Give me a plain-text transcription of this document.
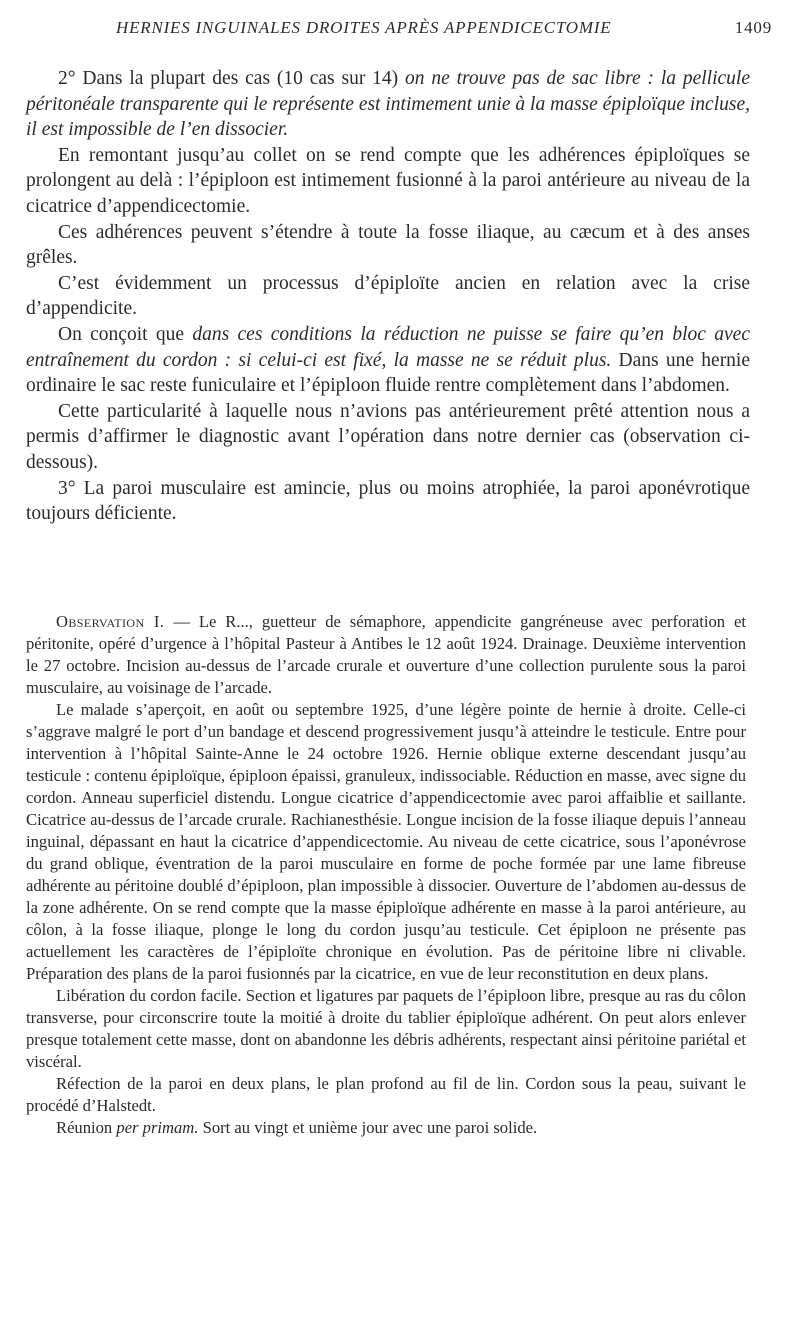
HERNIES INGUINALES DROITES APRÈS APPENDICECTOMIE	1409

2° Dans la plupart des cas (10 cas sur 14) on ne trouve pas de sac libre : la pellicule péritonéale transparente qui le représente est intimement unie à la masse épiploïque incluse, il est impossible de l’en dissocier.

En remontant jusqu’au collet on se rend compte que les adhérences épiploïques se prolongent au delà : l’épiploon est intimement fusionné à la paroi antérieure au niveau de la cicatrice d’appendicectomie.

Ces adhérences peuvent s’étendre à toute la fosse iliaque, au cæcum et à des anses grêles.

C’est évidemment un processus d’épiploïte ancien en relation avec la crise d’appendicite.

On conçoit que dans ces conditions la réduction ne puisse se faire qu’en bloc avec entraînement du cordon : si celui-ci est fixé, la masse ne se réduit plus. Dans une hernie ordinaire le sac reste funiculaire et l’épiploon fluide rentre complètement dans l’abdomen.

Cette particularité à laquelle nous n’avions pas antérieurement prêté attention nous a permis d’affirmer le diagnostic avant l’opération dans notre dernier cas (observation ci-dessous).

3° La paroi musculaire est amincie, plus ou moins atrophiée, la paroi aponévrotique toujours déficiente.

Observation I. — Le R..., guetteur de sémaphore, appendicite gangréneuse avec perforation et péritonite, opéré d’urgence à l’hôpital Pasteur à Antibes le 12 août 1924. Drainage. Deuxième intervention le 27 octobre. Incision au-dessus de l’arcade crurale et ouverture d’une collection purulente sous la paroi musculaire, au voisinage de l’arcade.

Le malade s’aperçoit, en août ou septembre 1925, d’une légère pointe de hernie à droite. Celle-ci s’aggrave malgré le port d’un bandage et descend progressivement jusqu’à atteindre le testicule. Entre pour intervention à l’hôpital Sainte-Anne le 24 octobre 1926. Hernie oblique externe descendant jusqu’au testicule : contenu épiploïque, épiploon épaissi, granuleux, indissociable. Réduction en masse, avec signe du cordon. Anneau superficiel distendu. Longue cicatrice d’appendicectomie avec paroi affaiblie et saillante. Cicatrice au-dessus de l’arcade crurale. Rachianesthésie. Longue incision de la fosse iliaque depuis l’anneau inguinal, dépassant en haut la cicatrice d’appendicectomie. Au niveau de cette cicatrice, sous l’aponévrose du grand oblique, éventration de la paroi musculaire en forme de poche formée par une lame fibreuse adhérente au péritoine doublé d’épiploon, plan impossible à dissocier. Ouverture de l’abdomen au-dessus de la zone adhérente. On se rend compte que la masse épiploïque adhérente en masse à la paroi antérieure, au côlon, à la fosse iliaque, plonge le long du cordon jusqu’au testicule. Cet épiploon ne présente pas actuellement les caractères de l’épiploïte chronique en évolution. Pas de péritoine libre ni clivable. Préparation des plans de la paroi fusionnés par la cicatrice, en vue de leur reconstitution en deux plans.

Libération du cordon facile. Section et ligatures par paquets de l’épiploon libre, presque au ras du côlon transverse, pour circonscrire toute la moitié à droite du tablier épiploïque adhérent. On peut alors enlever presque totalement cette masse, dont on abandonne les débris adhérents, respectant ainsi péritoine pariétal et viscéral.

Réfection de la paroi en deux plans, le plan profond au fil de lin. Cordon sous la peau, suivant le procédé d’Halstedt.

Réunion per primam. Sort au vingt et unième jour avec une paroi solide.
